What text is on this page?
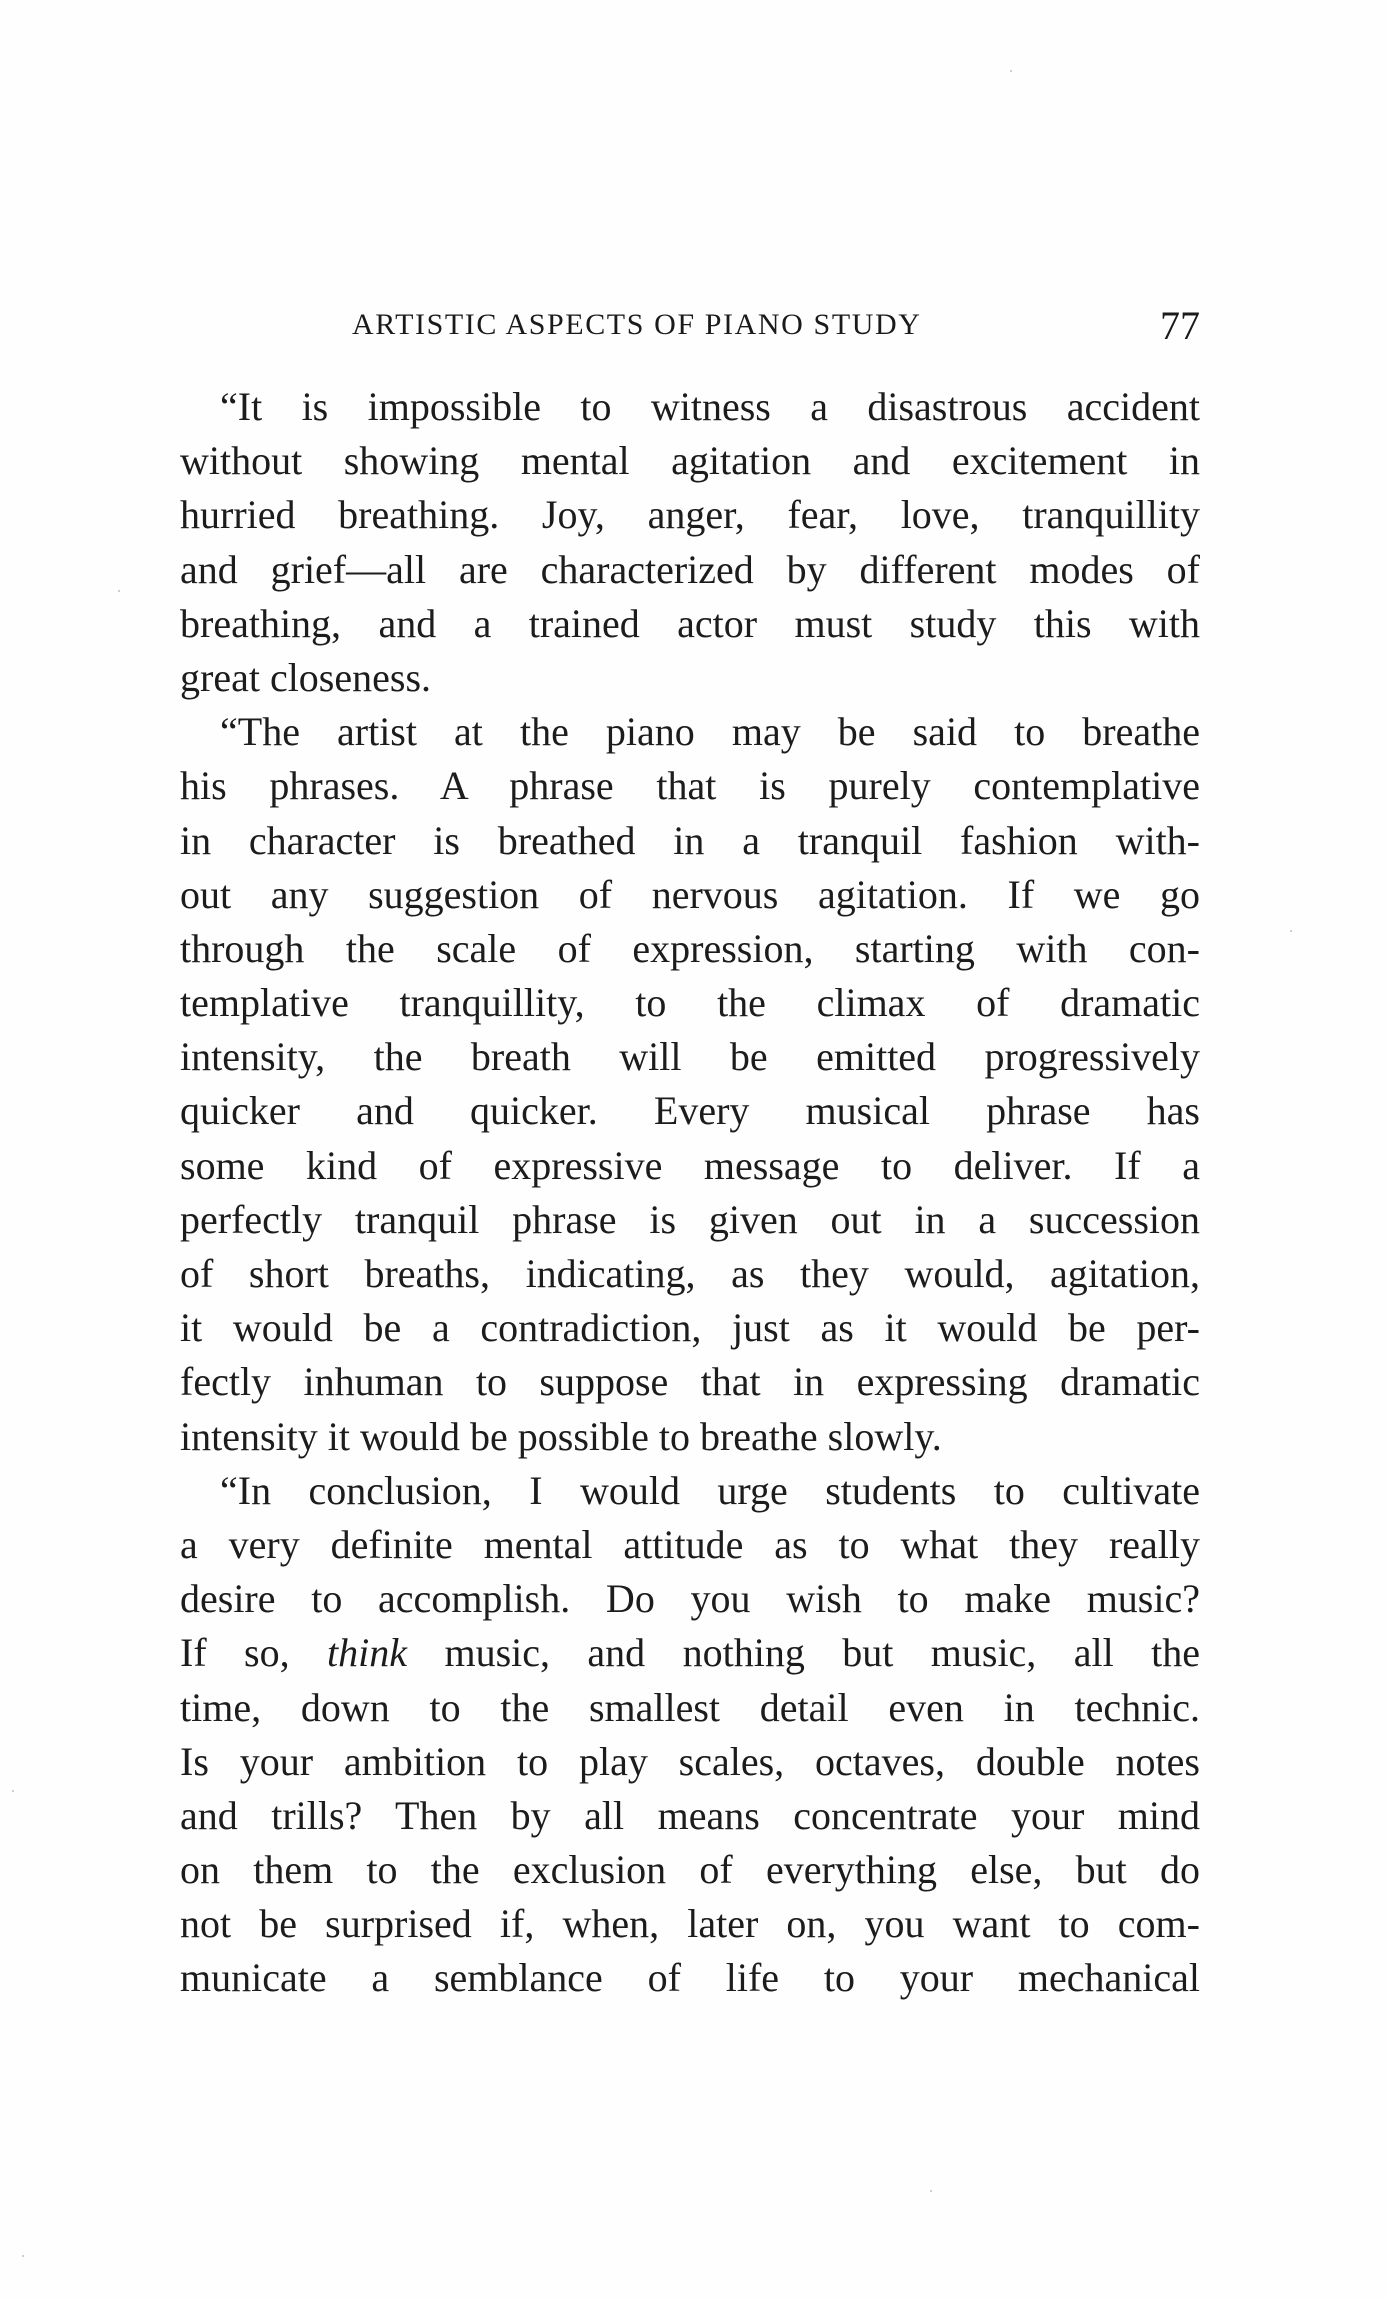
ARTISTIC ASPECTS OF PIANO STUDY	77
“It is impossible to witness a disastrous accident
without showing mental agitation and excitement in
hurried breathing. Joy, anger, fear, love, tranquillity
and grief—all are characterized by different modes of
breathing, and a trained actor must study this with
great closeness.
“The artist at the piano may be said to breathe
his phrases. A phrase that is purely contemplative
in character is breathed in a tranquil fashion with-
out any suggestion of nervous agitation. If we go
through the scale of expression, starting with con-
templative tranquillity, to the climax of dramatic
intensity, the breath will be emitted progressively
quicker and quicker. Every musical phrase has
some kind of expressive message to deliver. If a
perfectly tranquil phrase is given out in a succession
of short breaths, indicating, as they would, agitation,
it would be a contradiction, just as it would be per-
fectly inhuman to suppose that in expressing dramatic
intensity it would be possible to breathe slowly.
“In conclusion, I would urge students to cultivate
a very definite mental attitude as to what they really
desire to accomplish. Do you wish to make music?
If so, think music, and nothing but music, all the
time, down to the smallest detail even in technic.
Is your ambition to play scales, octaves, double notes
and trills? Then by all means concentrate your mind
on them to the exclusion of everything else, but do
not be surprised if, when, later on, you want to com-
municate a semblance of life to your mechanical
